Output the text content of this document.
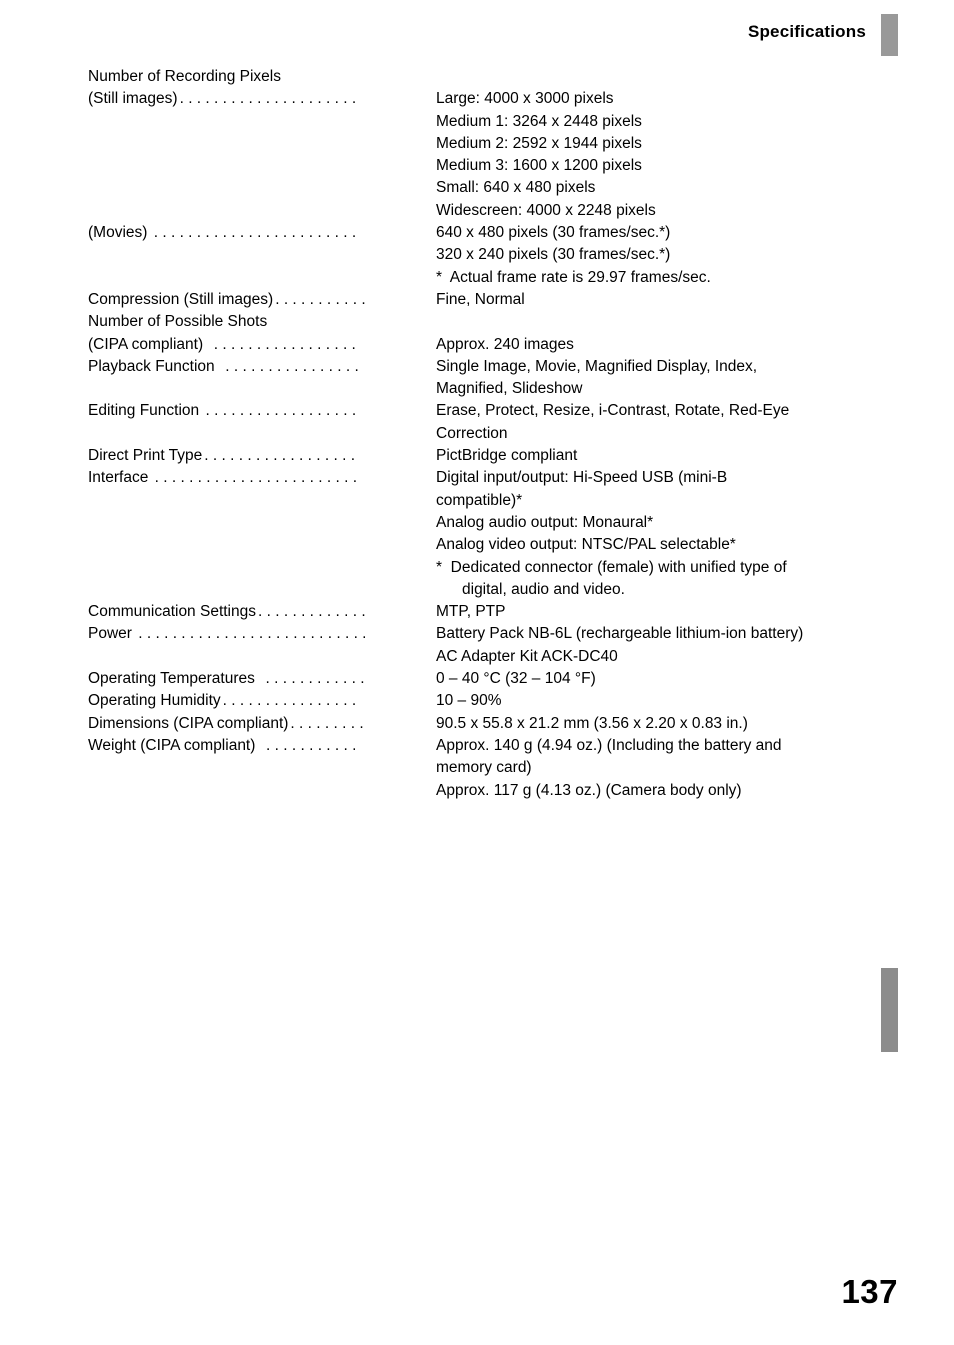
Specifications
Number of Recording Pixels
(Still images) . . . . . . . . . . . . . . . . . . . . .	Large: 4000 x 3000 pixels
Medium 1: 3264 x 2448 pixels
Medium 2: 2592 x 1944 pixels
Medium 3: 1600 x 1200 pixels
Small: 640 x 480 pixels
Widescreen: 4000 x 2248 pixels
(Movies) . . . . . . . . . . . . . . . . . . . . . . . .	640 x 480 pixels (30 frames/sec.*)
320 x 240 pixels (30 frames/sec.*)
*  Actual frame rate is 29.97 frames/sec.
Compression (Still images) . . . . . . . . . . .	Fine, Normal
Number of Possible Shots
(CIPA compliant)  . . . . . . . . . . . . . . . . .	Approx. 240 images
Playback Function  . . . . . . . . . . . . . . . .	Single Image, Movie, Magnified Display, Index,
Magnified, Slideshow
Editing Function . . . . . . . . . . . . . . . . . .	Erase, Protect, Resize, i-Contrast, Rotate, Red-Eye
Correction
Direct Print Type . . . . . . . . . . . . . . . . . .	PictBridge compliant
Interface . . . . . . . . . . . . . . . . . . . . . . . .	Digital input/output: Hi-Speed USB (mini-B
compatible)*
Analog audio output: Monaural*
Analog video output: NTSC/PAL selectable*
*  Dedicated connector (female) with unified type of
digital, audio and video.
Communication Settings . . . . . . . . . . . . .	MTP, PTP
Power . . . . . . . . . . . . . . . . . . . . . . . . . . .	Battery Pack NB-6L (rechargeable lithium-ion battery)
AC Adapter Kit ACK-DC40
Operating Temperatures  . . . . . . . . . . . .	0 – 40 °C (32 – 104 °F)
Operating Humidity . . . . . . . . . . . . . . . .	10 – 90%
Dimensions (CIPA compliant) . . . . . . . . .	90.5 x 55.8 x 21.2 mm (3.56 x 2.20 x 0.83 in.)
Weight (CIPA compliant)  . . . . . . . . . . .	Approx. 140 g (4.94 oz.) (Including the battery and
memory card)
Approx. 117 g (4.13 oz.) (Camera body only)
137
